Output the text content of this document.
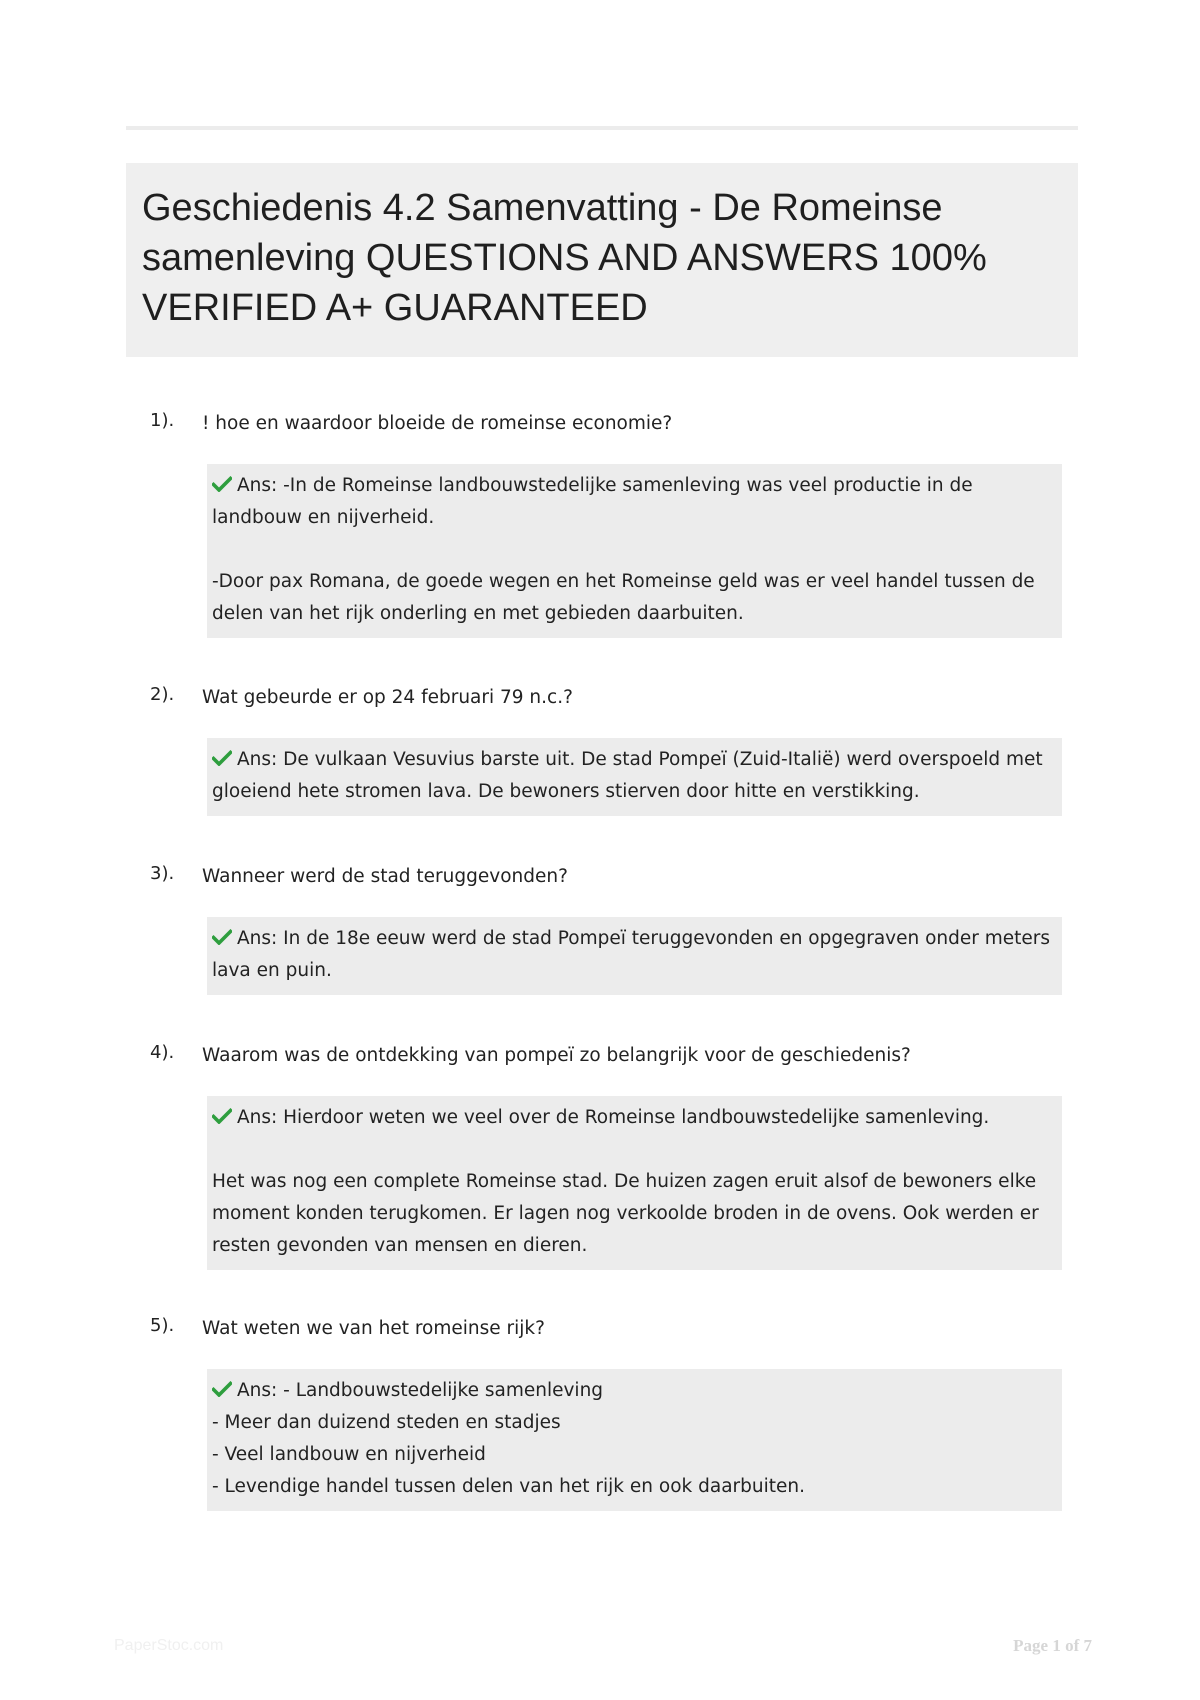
Geschiedenis 4.2 Samenvatting - De Romeinse samenleving QUESTIONS AND ANSWERS 100% VERIFIED A+ GUARANTEED
1). ! hoe en waardoor bloeide de romeinse economie?

Ans: -In de Romeinse landbouwstedelijke samenleving was veel productie in de landbouw en nijverheid.

-Door pax Romana, de goede wegen en het Romeinse geld was er veel handel tussen de delen van het rijk onderling en met gebieden daarbuiten.

2). Wat gebeurde er op 24 februari 79 n.c.?

Ans: De vulkaan Vesuvius barste uit. De stad Pompeï (Zuid-Italië) werd overspoeld met gloeiend hete stromen lava. De bewoners stierven door hitte en verstikking.

3). Wanneer werd de stad teruggevonden?

Ans: In de 18e eeuw werd de stad Pompeï teruggevonden en opgegraven onder meters lava en puin.

4). Waarom was de ontdekking van pompeï zo belangrijk voor de geschiedenis?

Ans: Hierdoor weten we veel over de Romeinse landbouwstedelijke samenleving.

Het was nog een complete Romeinse stad. De huizen zagen eruit alsof de bewoners elke moment konden terugkomen. Er lagen nog verkoolde broden in de ovens. Ook werden er resten gevonden van mensen en dieren.

5). Wat weten we van het romeinse rijk?

Ans: - Landbouwstedelijke samenleving

- Meer dan duizend steden en stadjes

- Veel landbouw en nijverheid

- Levendige handel tussen delen van het rijk en ook daarbuiten.

PaperStoc.com	Page 1 of 7
